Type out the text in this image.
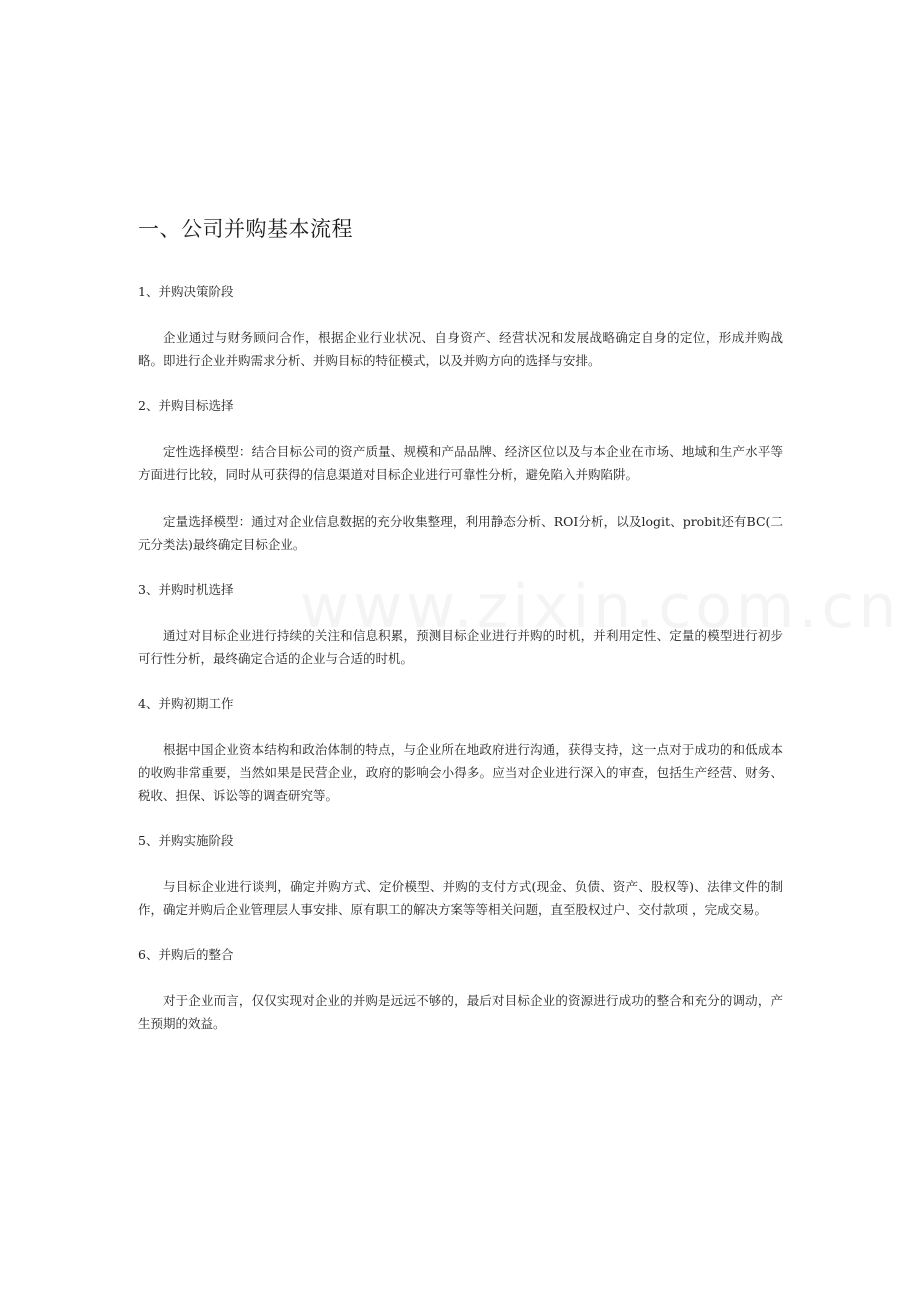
一、公司并购基本流程
1、并购决策阶段

企业通过与财务顾问合作，根据企业行业状况、自身资产、经营状况和发展战略确定自身的定位，形成并购战略。即进行企业并购需求分析、并购目标的特征模式，以及并购方向的选择与安排。

2、并购目标选择

定性选择模型：结合目标公司的资产质量、规模和产品品牌、经济区位以及与本企业在市场、地域和生产水平等方面进行比较，同时从可获得的信息渠道对目标企业进行可靠性分析，避免陷入并购陷阱。

定量选择模型：通过对企业信息数据的充分收集整理，利用静态分析、ROI分析，以及logit、probit还有BC(二元分类法)最终确定目标企业。

3、并购时机选择

通过对目标企业进行持续的关注和信息积累，预测目标企业进行并购的时机，并利用定性、定量的模型进行初步可行性分析，最终确定合适的企业与合适的时机。

4、并购初期工作

根据中国企业资本结构和政治体制的特点，与企业所在地政府进行沟通，获得支持，这一点对于成功的和低成本的收购非常重要，当然如果是民营企业，政府的影响会小得多。应当对企业进行深入的审查，包括生产经营、财务、税收、担保、诉讼等的调查研究等。

5、并购实施阶段

与目标企业进行谈判，确定并购方式、定价模型、并购的支付方式(现金、负债、资产、股权等)、法律文件的制作，确定并购后企业管理层人事安排、原有职工的解决方案等等相关问题，直至股权过户、交付款项 ，完成交易。

6、并购后的整合

对于企业而言，仅仅实现对企业的并购是远远不够的，最后对目标企业的资源进行成功的整合和充分的调动，产生预期的效益。
